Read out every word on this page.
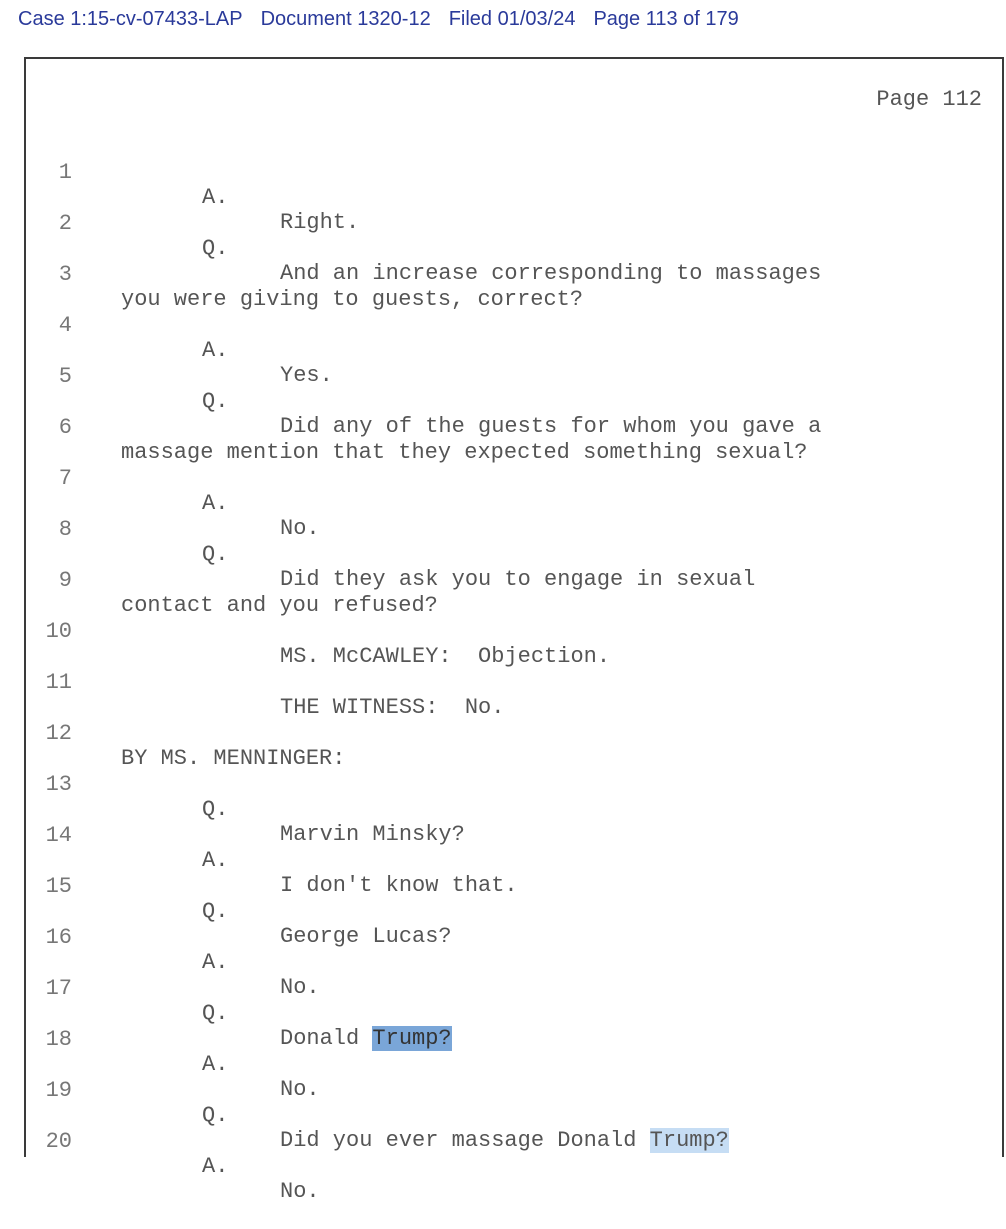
Case 1:15-cv-07433-LAP Document 1320-12 Filed 01/03/24 Page 113 of 179
Page 112

1

A.

Right.

2

Q.

And an increase corresponding to massages

3

you were giving to guests, correct?

4

A.

Yes.

5

Q.

Did any of the guests for whom you gave a

6

massage mention that they expected something sexual?

7

A.

No.

8

Q.

Did they ask you to engage in sexual

9

contact and you refused?

10

MS. McCAWLEY:  Objection.

11

THE WITNESS:  No.

12

BY MS. MENNINGER:

13

Q.

Marvin Minsky?

14

A.

I don't know that.

15

Q.

George Lucas?

16

A.

No.

17

Q.

Donald Trump?

18

A.

No.

19

Q.

Did you ever massage Donald Trump?

20

A.

No.
